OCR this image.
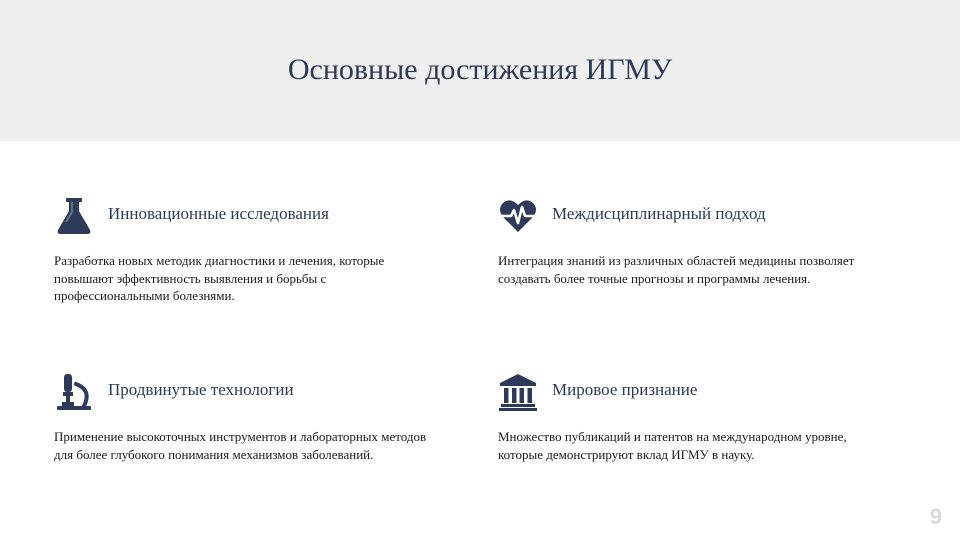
Основные достижения ИГМУ
Инновационные исследования
Разработка новых методик диагностики и лечения, которые повышают эффективность выявления и борьбы с профессиональными болезнями.
Междисциплинарный подход
Интеграция знаний из различных областей медицины позволяет создавать более точные прогнозы и программы лечения.
Продвинутые технологии
Применение высокоточных инструментов и лабораторных методов для более глубокого понимания механизмов заболеваний.
Мировое признание
Множество публикаций и патентов на международном уровне, которые демонстрируют вклад ИГМУ в науку.
9
